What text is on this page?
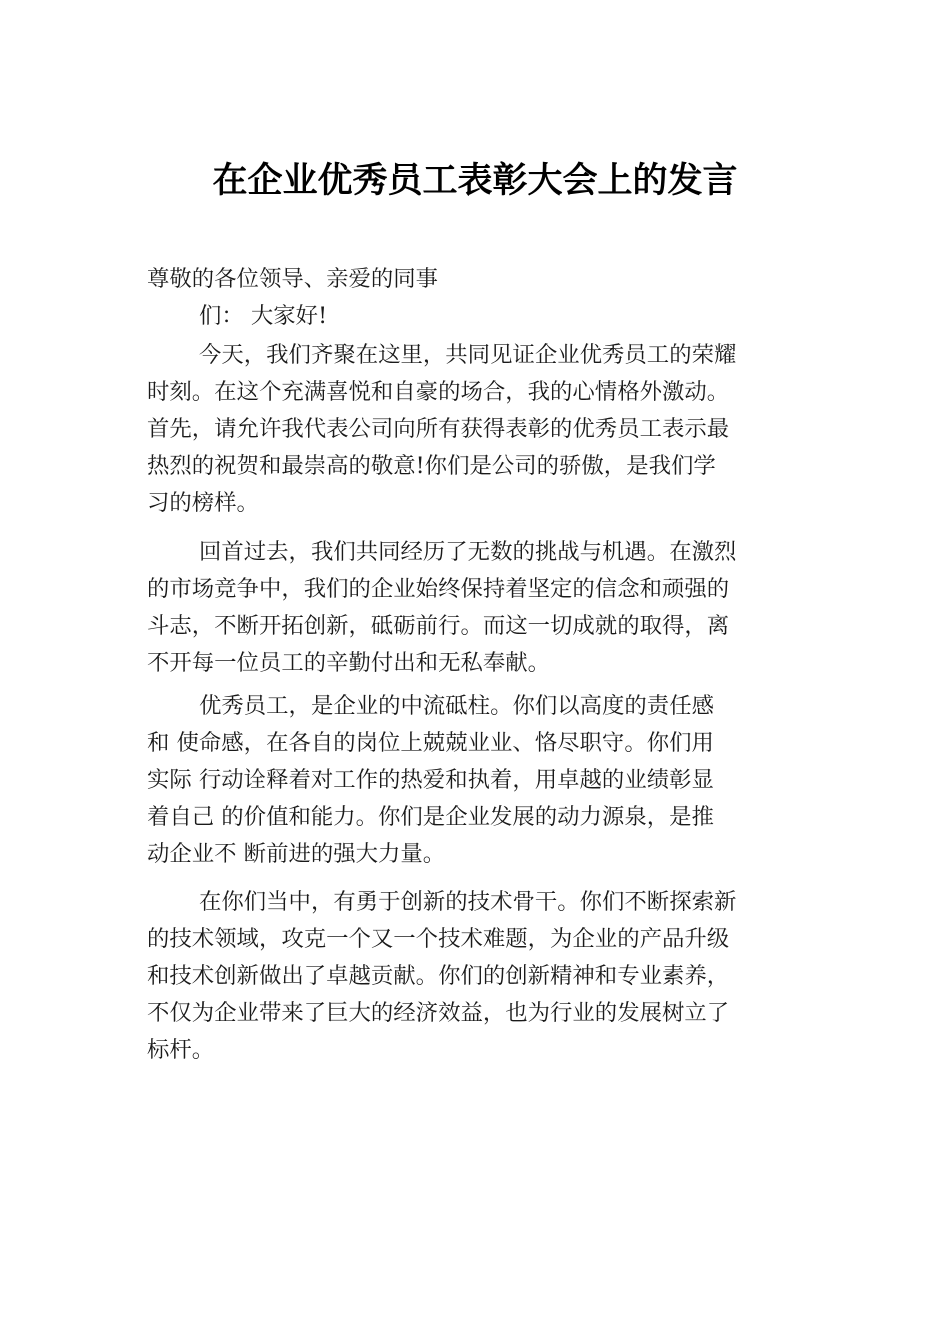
在企业优秀员工表彰大会上的发言
尊敬的各位领导、亲爱的同事
们： 大家好!
今天，我们齐聚在这里，共同见证企业优秀员工的荣耀
时刻。在这个充满喜悦和自豪的场合，我的心情格外激动。
首先，请允许我代表公司向所有获得表彰的优秀员工表示最
热烈的祝贺和最崇高的敬意!你们是公司的骄傲，是我们学
习的榜样。
回首过去，我们共同经历了无数的挑战与机遇。在激烈
的市场竞争中，我们的企业始终保持着坚定的信念和顽强的
斗志，不断开拓创新，砥砺前行。而这一切成就的取得，离
不开每一位员工的辛勤付出和无私奉献。
优秀员工，是企业的中流砥柱。你们以高度的责任感
和 使命感，在各自的岗位上兢兢业业、恪尽职守。你们用
实际 行动诠释着对工作的热爱和执着，用卓越的业绩彰显
着自己 的价值和能力。你们是企业发展的动力源泉，是推
动企业不 断前进的强大力量。
在你们当中，有勇于创新的技术骨干。你们不断探索新
的技术领域，攻克一个又一个技术难题，为企业的产品升级
和技术创新做出了卓越贡献。你们的创新精神和专业素养，
不仅为企业带来了巨大的经济效益，也为行业的发展树立了
标杆。
